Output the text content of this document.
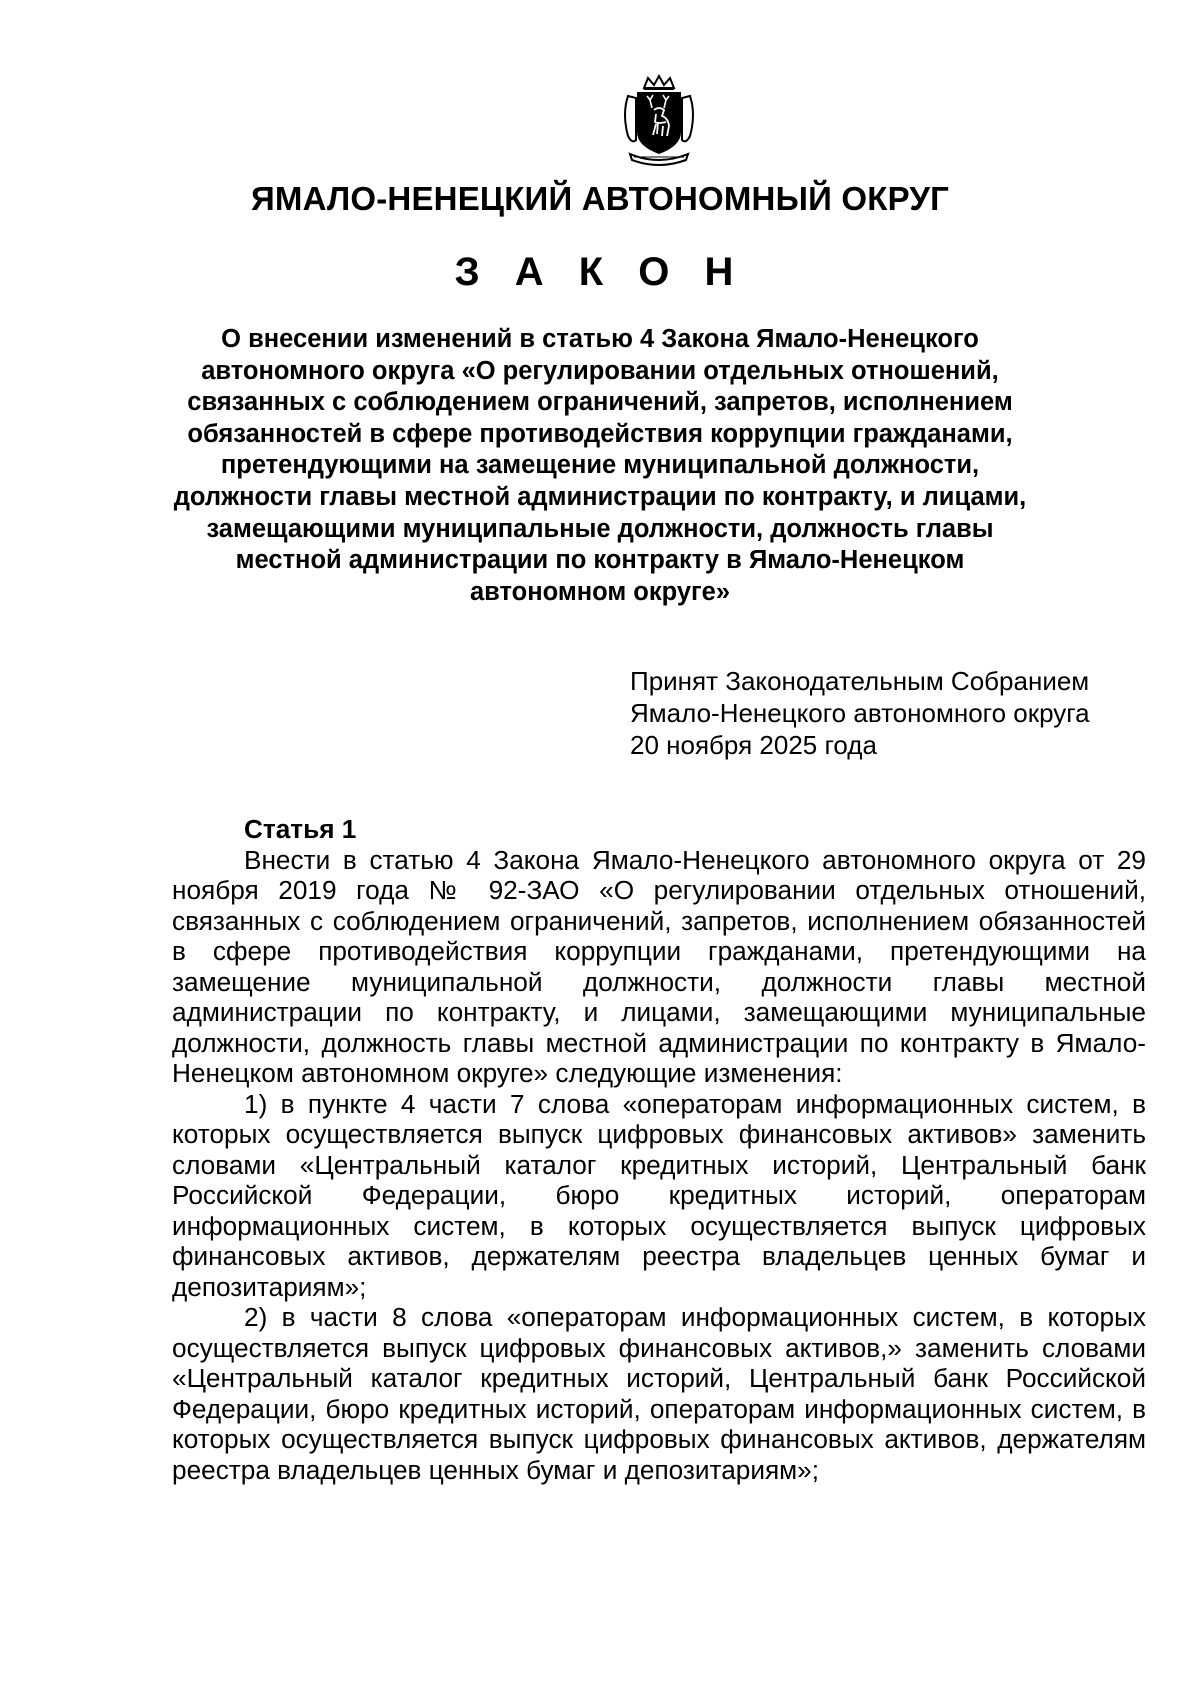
ЯМАЛО-НЕНЕЦКИЙ АВТОНОМНЫЙ ОКРУГ
З А К О Н
О внесении изменений в статью 4 Закона Ямало-Ненецкого автономного округа «О регулировании отдельных отношений, связанных с соблюдением ограничений, запретов, исполнением обязанностей в сфере противодействия коррупции гражданами, претендующими на замещение муниципальной должности, должности главы местной администрации по контракту, и лицами, замещающими муниципальные должности, должность главы местной администрации по контракту в Ямало-Ненецком автономном округе»
Принят Законодательным Собранием
Ямало-Ненецкого автономного округа
20 ноября 2025 года
Статья 1

Внести в статью 4 Закона Ямало-Ненецкого автономного округа от 29 ноября 2019 года № 92-ЗАО «О регулировании отдельных отношений, связанных с соблюдением ограничений, запретов, исполнением обязанностей в сфере противодействия коррупции гражданами, претендующими на замещение муниципальной должности, должности главы местной администрации по контракту, и лицами, замещающими муниципальные должности, должность главы местной администрации по контракту в Ямало-Ненецком автономном округе» следующие изменения:

1) в пункте 4 части 7 слова «операторам информационных систем, в которых осуществляется выпуск цифровых финансовых активов» заменить словами «Центральный каталог кредитных историй, Центральный банк Российской Федерации, бюро кредитных историй, операторам информационных систем, в которых осуществляется выпуск цифровых финансовых активов, держателям реестра владельцев ценных бумаг и депозитариям»;

2) в части 8 слова «операторам информационных систем, в которых осуществляется выпуск цифровых финансовых активов,» заменить словами «Центральный каталог кредитных историй, Центральный банк Российской Федерации, бюро кредитных историй, операторам информационных систем, в которых осуществляется выпуск цифровых финансовых активов, держателям реестра владельцев ценных бумаг и депозитариям»;
